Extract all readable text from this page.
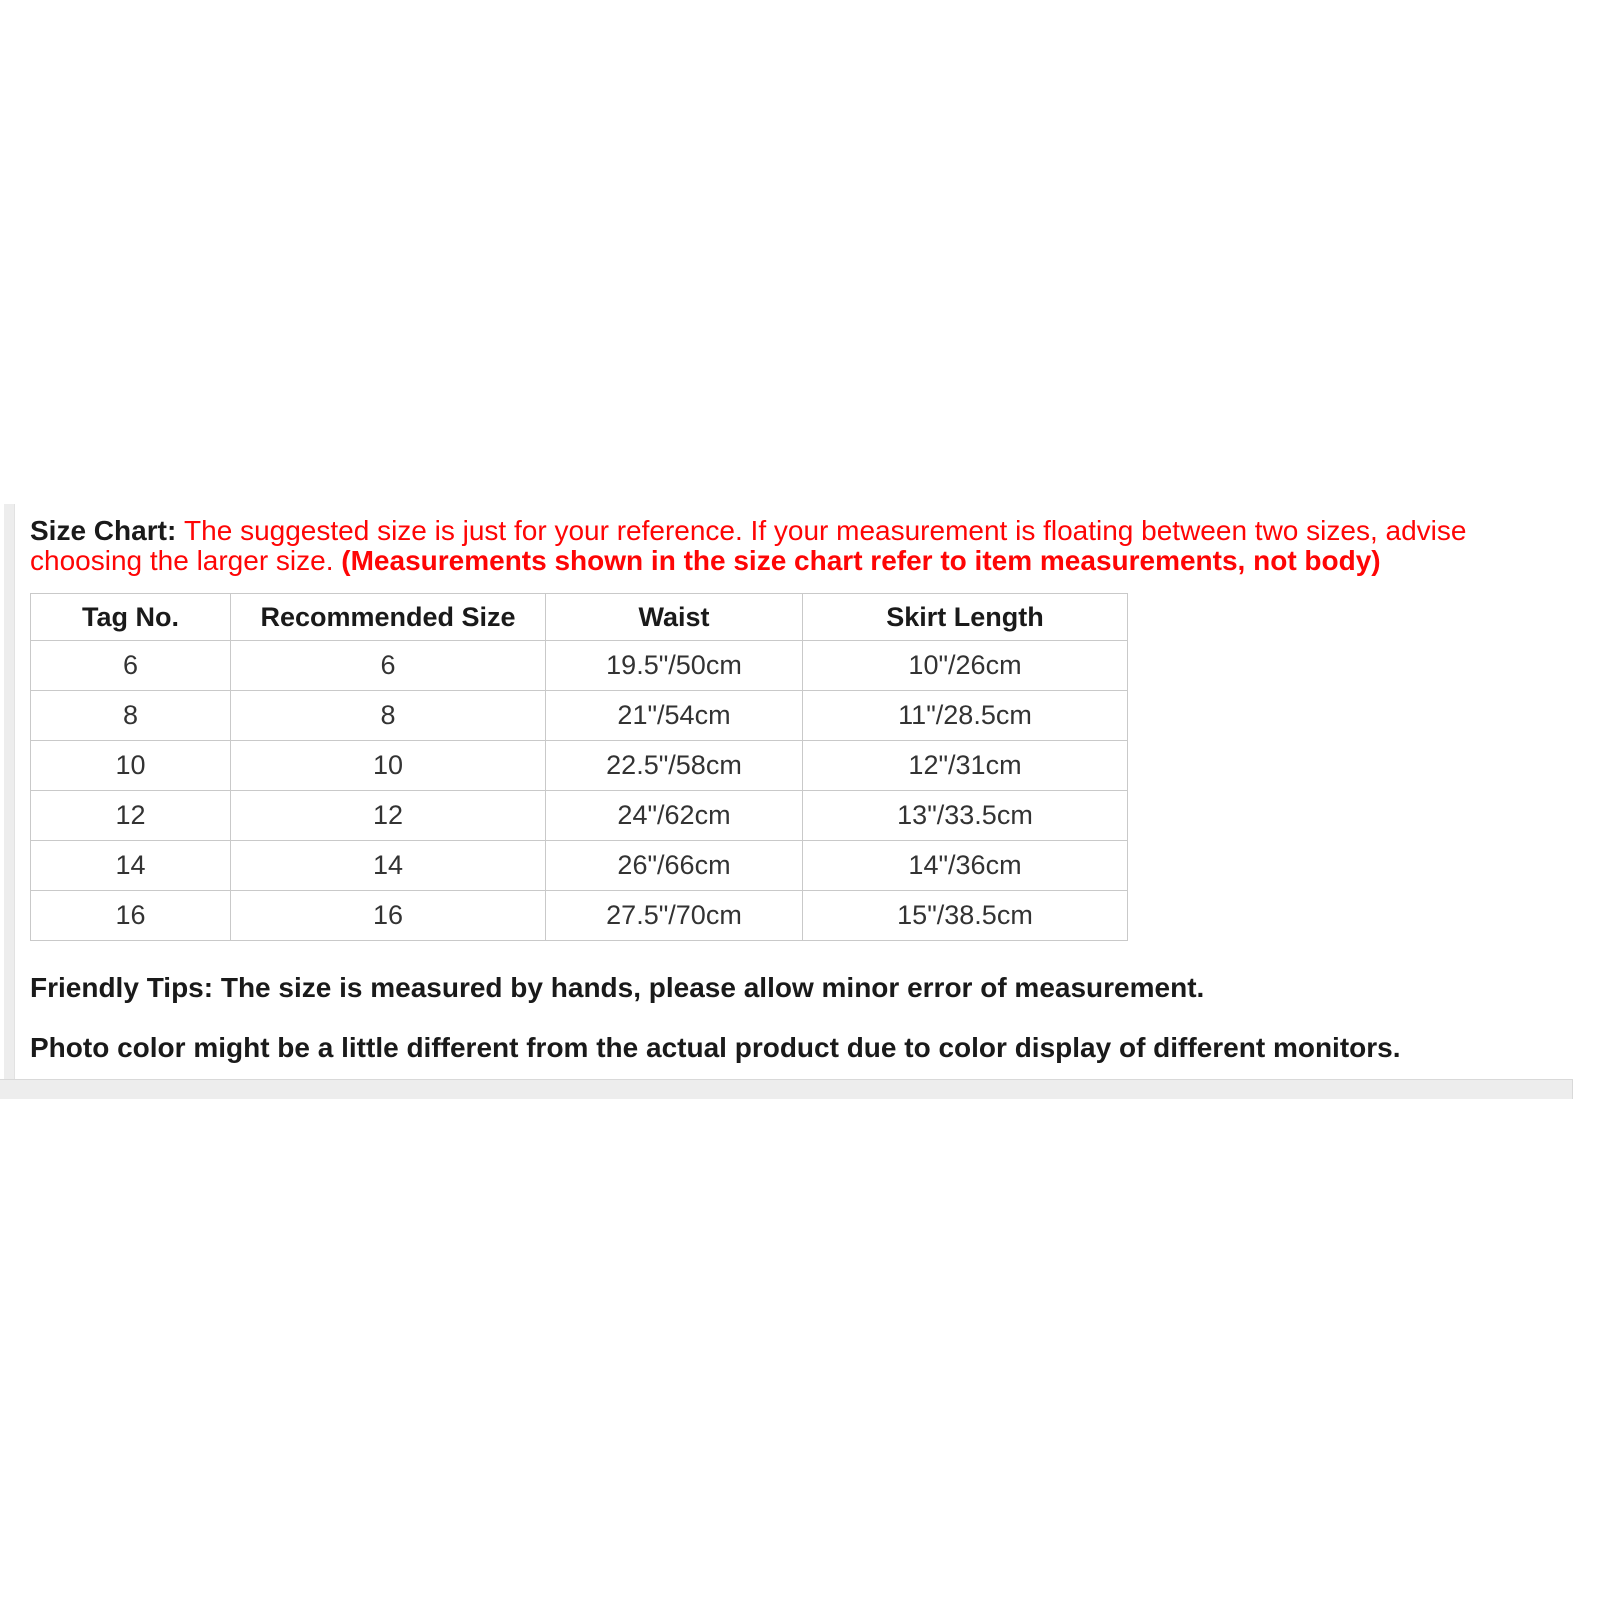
Size Chart: The suggested size is just for your reference. If your measurement is floating between two sizes, advise choosing the larger size. (Measurements shown in the size chart refer to item measurements, not body)
Tag No.	Recommended Size	Waist	Skirt Length
6	6	19.5"/50cm	10"/26cm
8	8	21"/54cm	11"/28.5cm
10	10	22.5"/58cm	12"/31cm
12	12	24"/62cm	13"/33.5cm
14	14	26"/66cm	14"/36cm
16	16	27.5"/70cm	15"/38.5cm
Friendly Tips: The size is measured by hands, please allow minor error of measurement.
Photo color might be a little different from the actual product due to color display of different monitors.
